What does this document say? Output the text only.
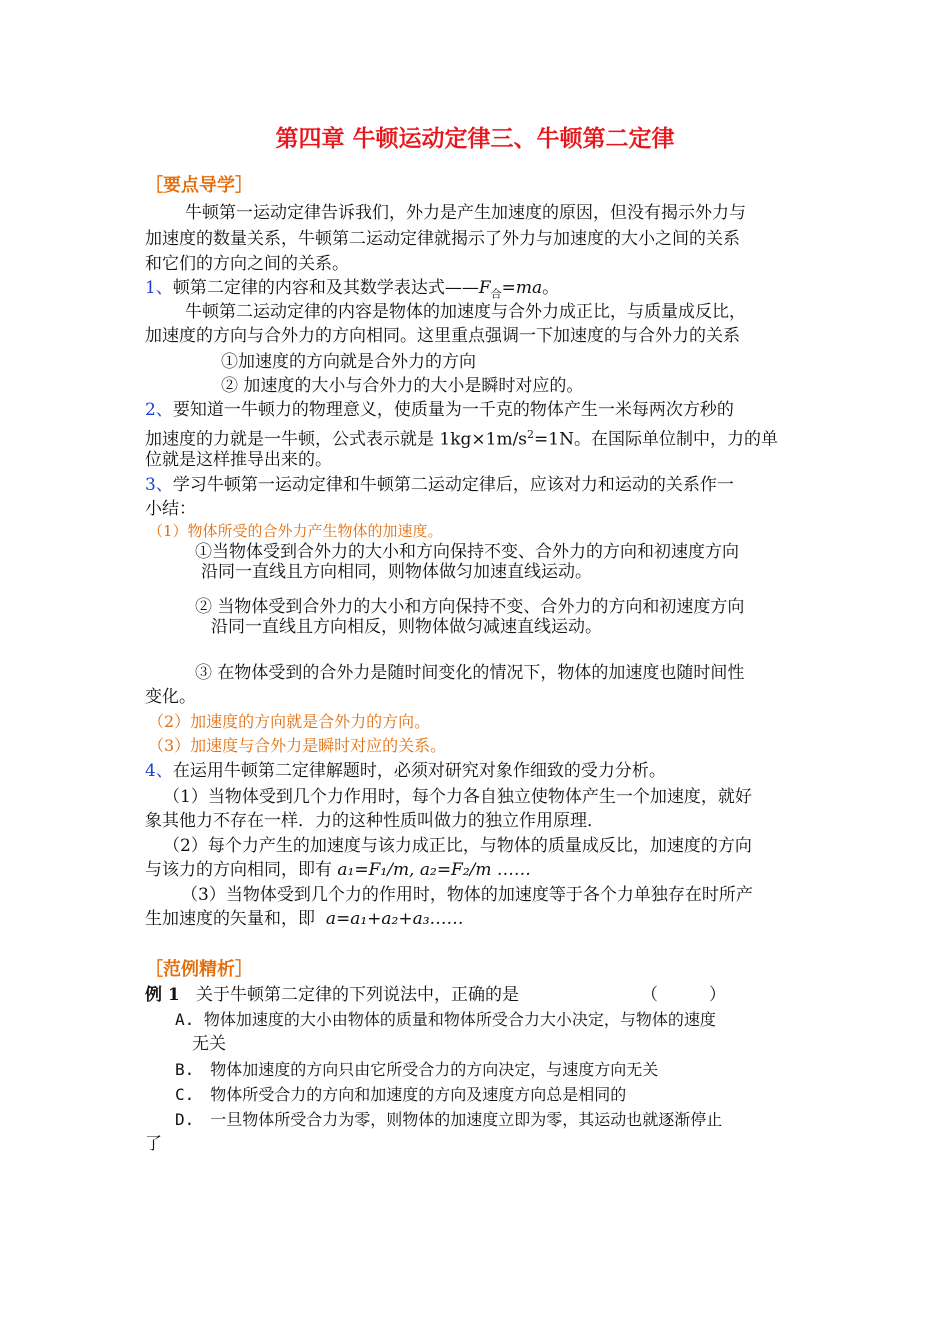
第四章 牛顿运动定律三、牛顿第二定律
［要点导学］
牛顿第一运动定律告诉我们，外力是产生加速度的原因，但没有揭示外力与
加速度的数量关系，牛顿第二运动定律就揭示了外力与加速度的大小之间的关系
和它们的方向之间的关系。
1、顿第二定律的内容和及其数学表达式$——F_合=ma$。
牛顿第二运动定律的内容是物体的加速度与合外力成正比，与质量成反比，
加速度的方向与合外力的方向相同。这里重点强调一下加速度的与合外力的关系
①加速度的方向就是合外力的方向
② 加速度的大小与合外力的大小是瞬时对应的。
2、要知道一牛顿力的物理意义，使质量为一千克的物体产生一米每两次方秒的
加速度的力就是一牛顿，公式表示就是 $1kg\times 1m/s^2=1N$。在国际单位制中，力的单
位就是这样推导出来的。
3、学习牛顿第一运动定律和牛顿第二运动定律后，应该对力和运动的关系作一
小结：
（1）物体所受的合外力产生物体的加速度。
①当物体受到合外力的大小和方向保持不变、合外力的方向和初速度方向
沿同一直线且方向相同，则物体做匀加速直线运动。
② 当物体受到合外力的大小和方向保持不变、合外力的方向和初速度方向
沿同一直线且方向相反，则物体做匀减速直线运动。
③ 在物体受到的合外力是随时间变化的情况下，物体的加速度也随时间性
变化。
（2）加速度的方向就是合外力的方向。
（3）加速度与合外力是瞬时对应的关系。
4、在运用牛顿第二定律解题时，必须对研究对象作细致的受力分析。
（1）当物体受到几个力作用时，每个力各自独立使物体产生一个加速度，就好
象其他力不存在一样．力的这种性质叫做力的独立作用原理．
（2）每个力产生的加速度与该力成正比，与物体的质量成反比，加速度的方向
与该力的方向相同，即有 a₁=F₁/m, a₂=F₂/m ……
（3）当物体受到几个力的作用时，物体的加速度等于各个力单独存在时所产
生加速度的矢量和，即 a=a₁+a₂+a₃……
［范例精析］
例 1 关于牛顿第二定律的下列说法中，正确的是	（　　　）
A. 物体加速度的大小由物体的质量和物体所受合力大小决定，与物体的速度
无关
B.　物体加速度的方向只由它所受合力的方向决定，与速度方向无关
C.　物体所受合力的方向和加速度的方向及速度方向总是相同的
D.　一旦物体所受合力为零，则物体的加速度立即为零，其运动也就逐渐停止
了
